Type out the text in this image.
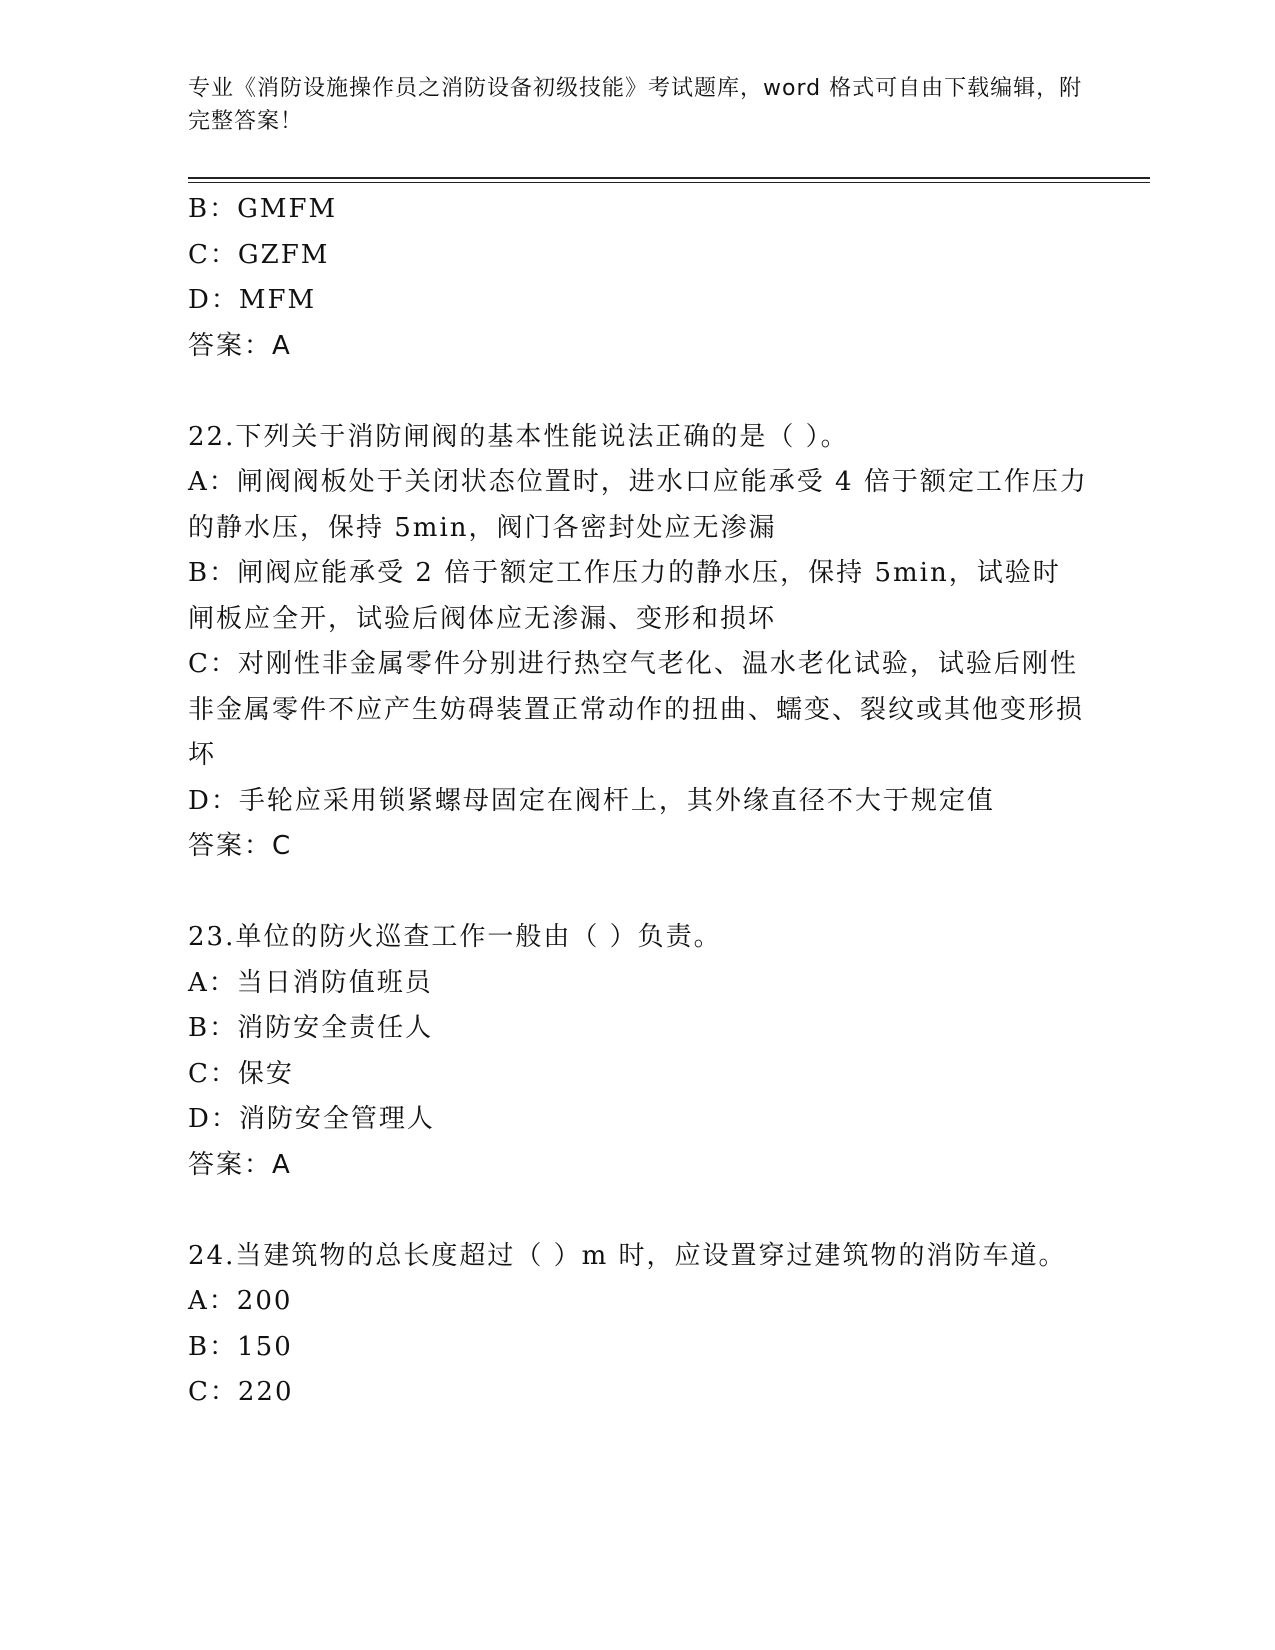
专业《消防设施操作员之消防设备初级技能》考试题库，word 格式可自由下载编辑，附完整答案！

B：GMFM

C：GZFM

D：MFM

答案：A

22.下列关于消防闸阀的基本性能说法正确的是（ ）。

A：闸阀阀板处于关闭状态位置时，进水口应能承受 4 倍于额定工作压力的静水压，保持 5min，阀门各密封处应无渗漏

B：闸阀应能承受 2 倍于额定工作压力的静水压，保持 5min，试验时闸板应全开，试验后阀体应无渗漏、变形和损坏

C：对刚性非金属零件分别进行热空气老化、温水老化试验，试验后刚性非金属零件不应产生妨碍装置正常动作的扭曲、蠕变、裂纹或其他变形损坏

D：手轮应采用锁紧螺母固定在阀杆上，其外缘直径不大于规定值

答案：C

23.单位的防火巡查工作一般由（ ）负责。

A：当日消防值班员

B：消防安全责任人

C：保安

D：消防安全管理人

答案：A

24.当建筑物的总长度超过（ ）m 时，应设置穿过建筑物的消防车道。

A：200

B：150

C：220
